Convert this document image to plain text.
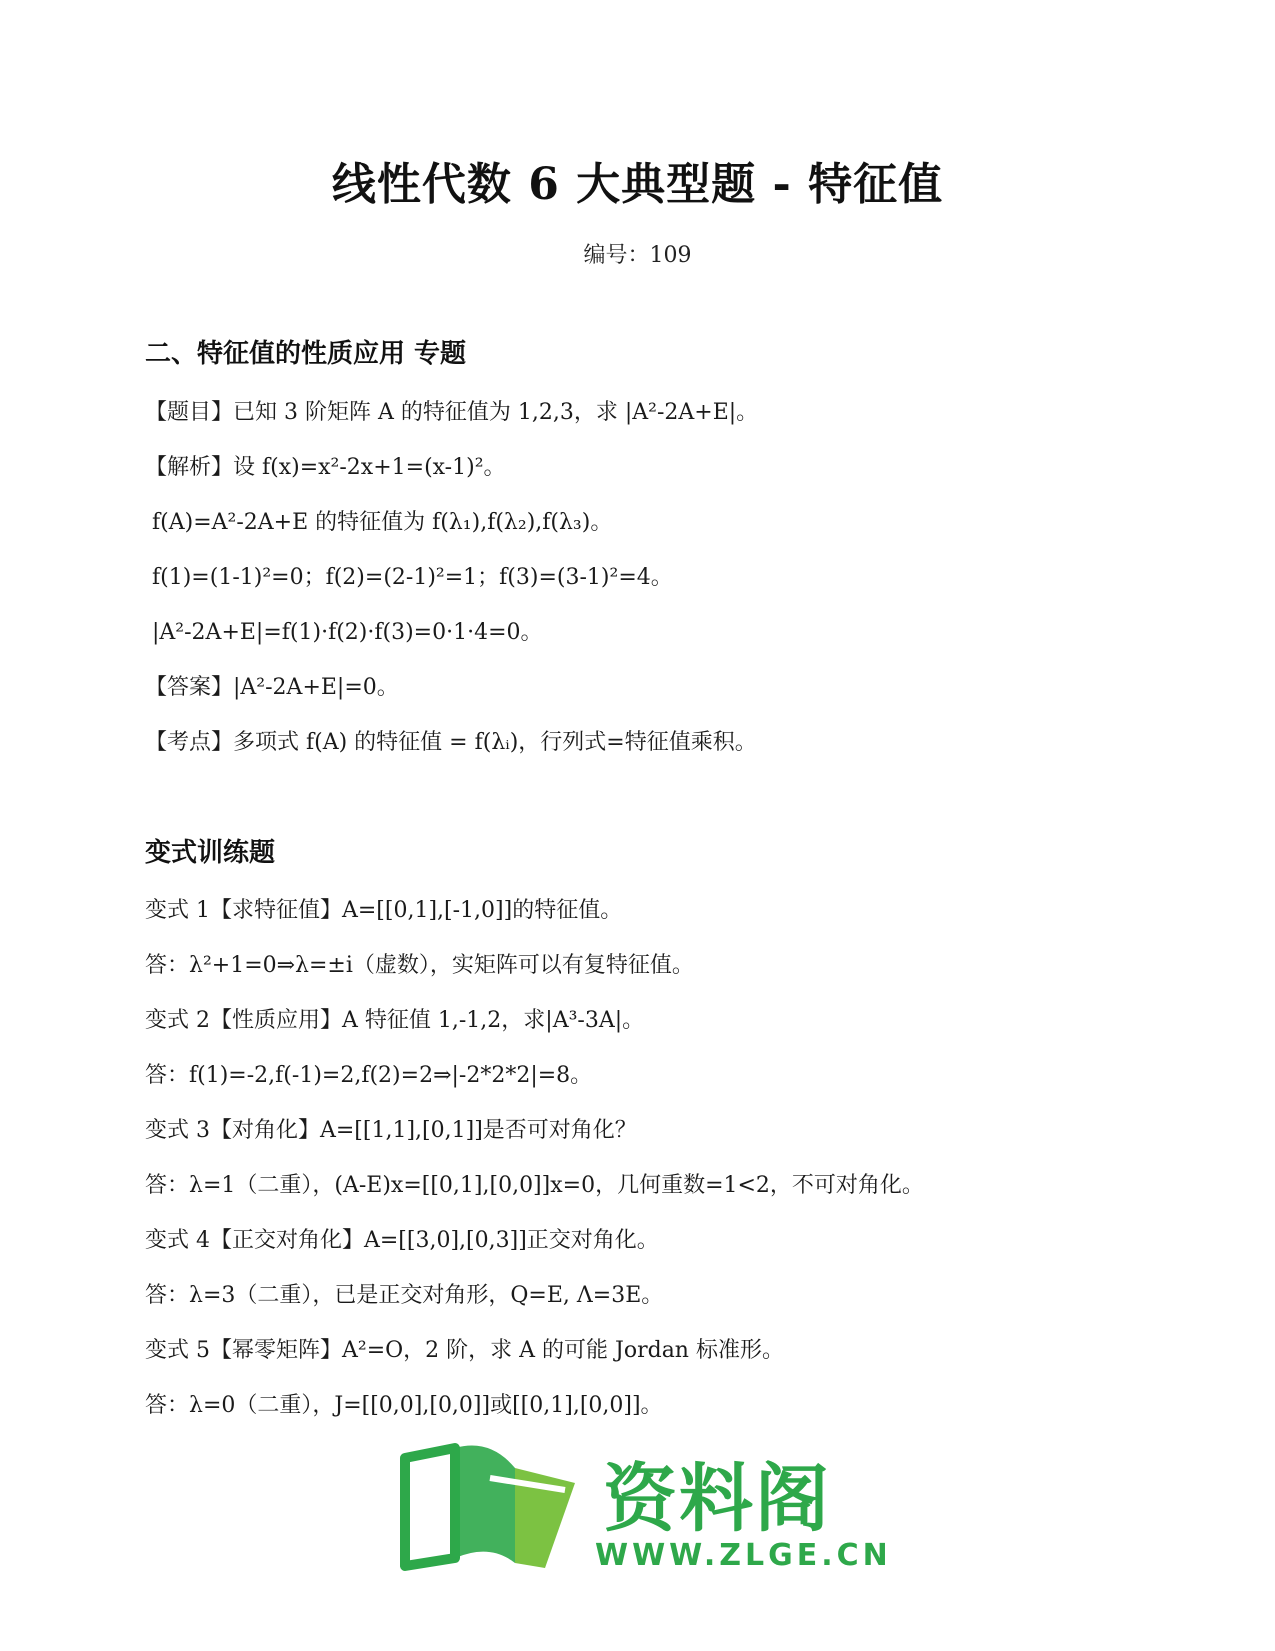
线性代数 6 大典型题 - 特征值
编号：109
二、特征值的性质应用 专题
【题目】已知 3 阶矩阵 A 的特征值为 1,2,3，求 |A²-2A+E|。
【解析】设 f(x)=x²-2x+1=(x-1)²。
f(A)=A²-2A+E 的特征值为 f(λ₁),f(λ₂),f(λ₃)。
f(1)=(1-1)²=0；f(2)=(2-1)²=1；f(3)=(3-1)²=4。
|A²-2A+E|=f(1)·f(2)·f(3)=0·1·4=0。
【答案】|A²-2A+E|=0。
【考点】多项式 f(A) 的特征值 = f(λᵢ)，行列式=特征值乘积。
变式训练题
变式 1【求特征值】A=[[0,1],[-1,0]]的特征值。
答：λ²+1=0⇒λ=±i（虚数），实矩阵可以有复特征值。
变式 2【性质应用】A 特征值 1,-1,2，求|A³-3A|。
答：f(1)=-2,f(-1)=2,f(2)=2⇒|-2*2*2|=8。
变式 3【对角化】A=[[1,1],[0,1]]是否可对角化？
答：λ=1（二重），(A-E)x=[[0,1],[0,0]]x=0，几何重数=1<2，不可对角化。
变式 4【正交对角化】A=[[3,0],[0,3]]正交对角化。
答：λ=3（二重），已是正交对角形，Q=E, Λ=3E。
变式 5【幂零矩阵】A²=O，2 阶，求 A 的可能 Jordan 标准形。
答：λ=0（二重），J=[[0,0],[0,0]]或[[0,1],[0,0]]。
资料阁
WWW.ZLGE.CN
